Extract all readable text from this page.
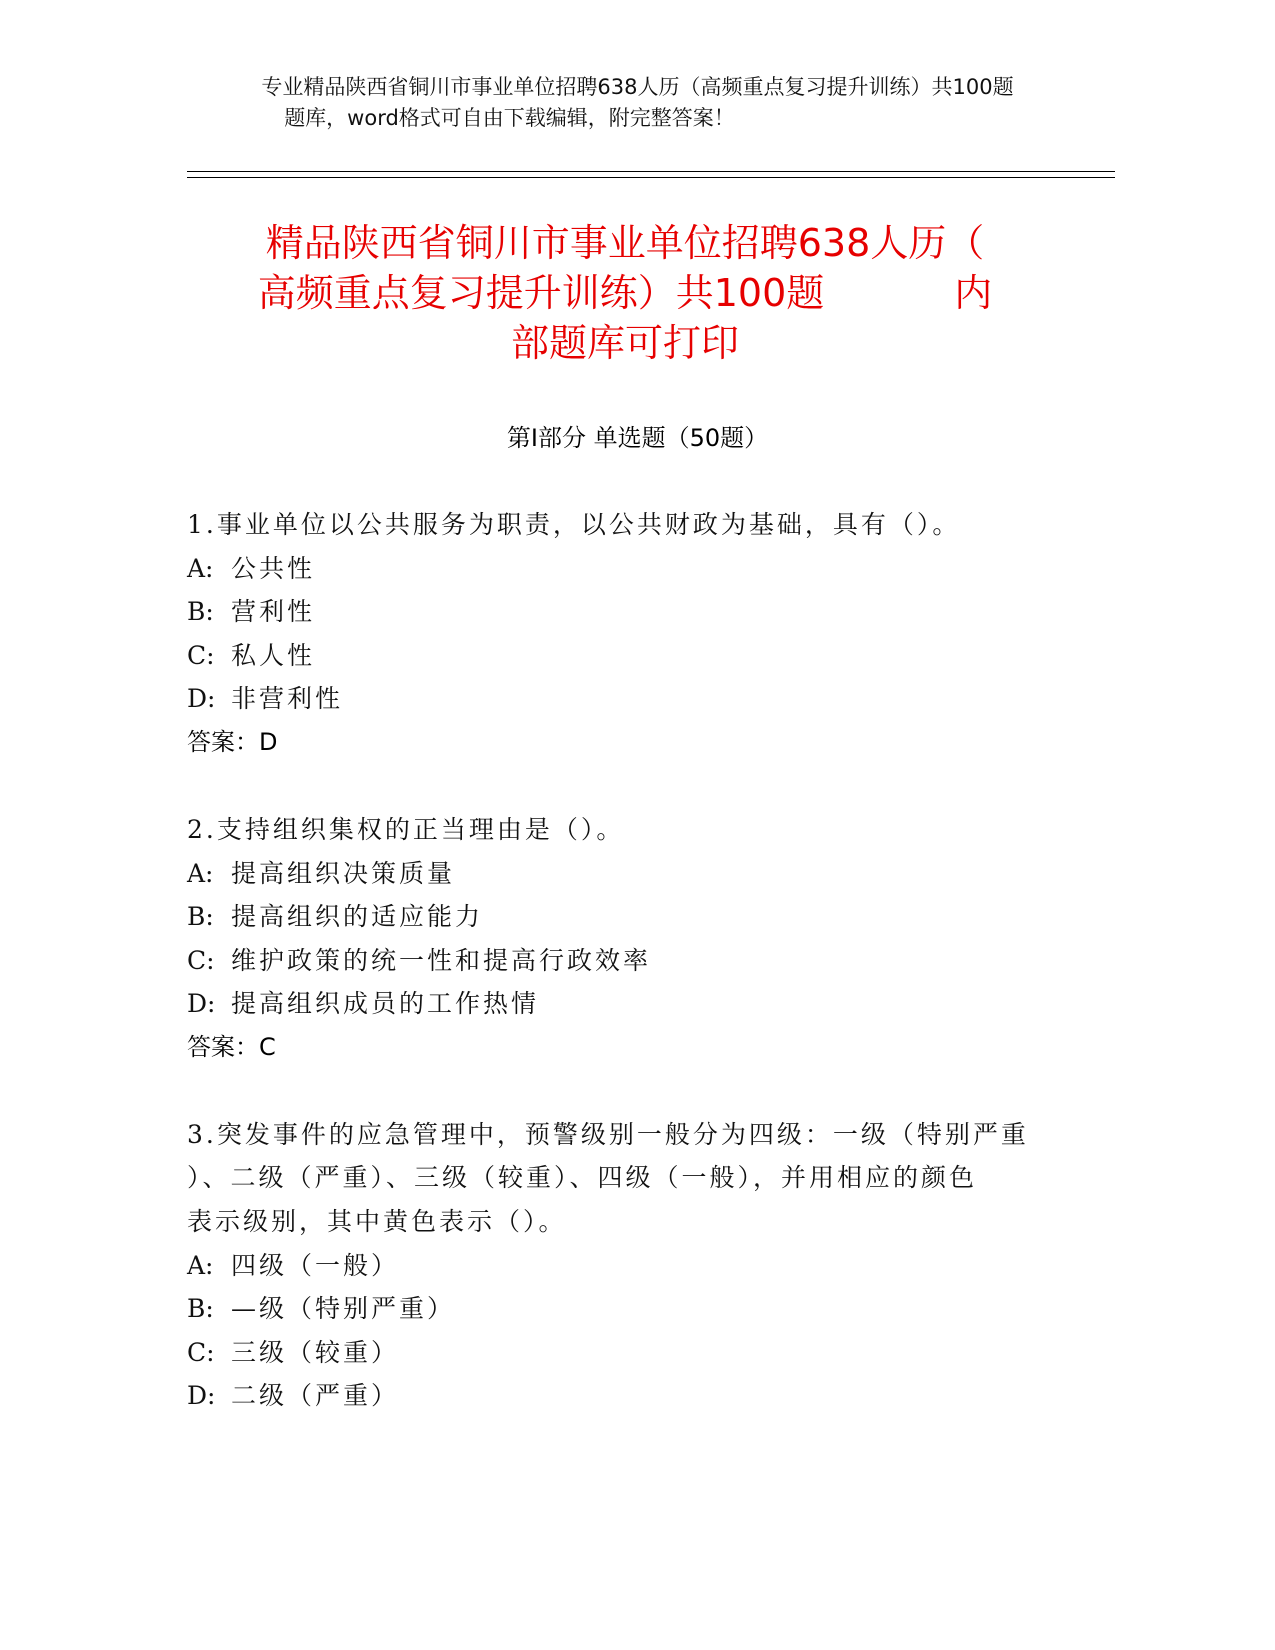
专业精品陕西省铜川市事业单位招聘638人历（高频重点复习提升训练）共100题
题库，word格式可自由下载编辑，附完整答案！
精品陕西省铜川市事业单位招聘638人历（
高频重点复习提升训练）共100题	内
部题库可打印
第Ⅰ部分 单选题（50题）
1.事业单位以公共服务为职责，以公共财政为基础，具有（）。
A: 公共性
B: 营利性
C: 私人性
D: 非营利性
答案：D
2.支持组织集权的正当理由是（）。
A: 提高组织决策质量
B: 提高组织的适应能力
C: 维护政策的统一性和提高行政效率
D: 提高组织成员的工作热情
答案：C
3.突发事件的应急管理中，预警级别一般分为四级：一级（特别严重
）、二级（严重）、三级（较重）、四级（一般），并用相应的颜色
表示级别，其中黄色表示（）。
A: 四级（一般）
B: —级（特别严重）
C: 三级（较重）
D: 二级（严重）
